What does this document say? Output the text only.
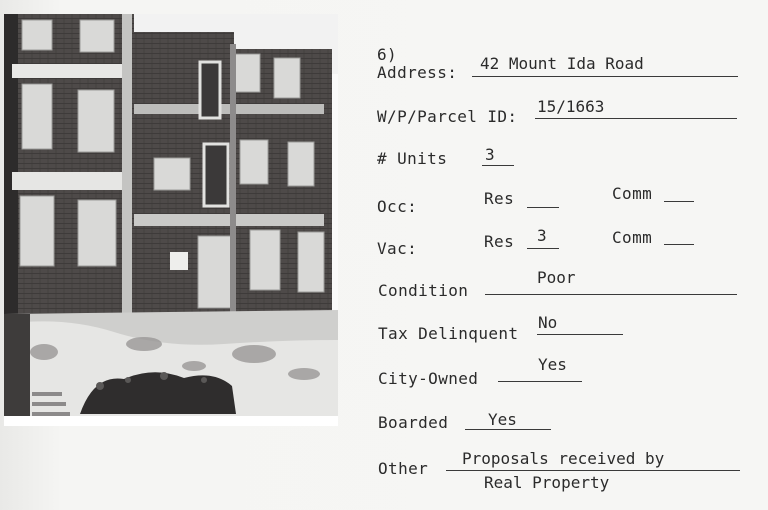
6)
Address: 42 Mount Ida Road
W/P/Parcel ID:
15/1663
# Units 3
Occ:	Res	Comm
Vac:	Res 3	Comm
Condition
Poor
Tax Delinquent
No
City-Owned
Yes
Boarded Yes
Other
Proposals received by
Real Property
